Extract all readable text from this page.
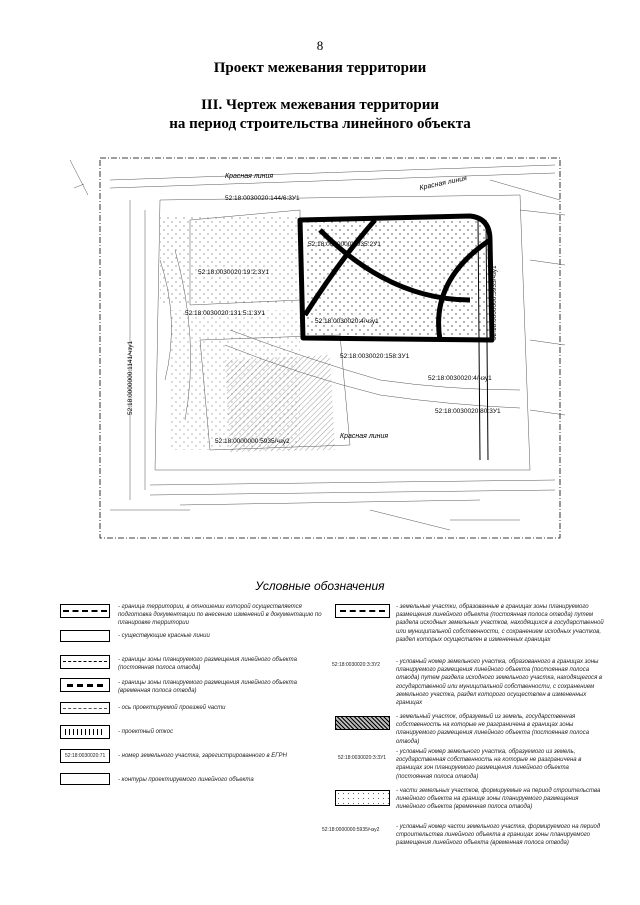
8
Проект межевания территории
III. Чертеж межевания территории
на период строительства линейного объекта
Красная линия	Красная линия
Красная линия
52:18:0030020:144/6:3У1
52:18:0000000:5935:2У1
52:18:0030020:19:2:3У1
52:18:0030020:131:5:1:3У1
52:18:0030020:4/чзу1
52:18:0030020:158:3У1
52:18:0030020:4/чзу1
52:18:0030020:80:3У1
52:18:0000000:5935/чзу2
52:18:0000000:1141/чзу1
52:18:0000000:5935/чзу1
Условные обозначения
52:18:0030020:71
- граница территории, в отношении которой осуществляется подготовка документации по внесению изменений в документацию по планировке территории
- существующие красные линии
- границы зоны планируемого размещения линейного объекта (постоянная полоса отвода)
- границы зоны планируемого размещения линейного объекта (временная полоса отвода)
- ось проектируемой проезжей части
- проектный откос
- номер земельного участка, зарегистрированного в ЕГРН
- контуры проектируемого линейного объекта
52:18:0030020:З:ЗУ2
52:18:0030020:З:ЗУ1
52:18:0000000:5935/чзу2
- земельные участки, образованные в границах зоны планируемого размещения линейного объекта (постоянная полоса отвода) путем раздела исходных земельных участков, находящихся в государственной или муниципальной собственности, с сохранением исходных участков, раздел которых осуществлен в измененных границах
- условный номер земельного участка, образованного в границах зоны планируемого размещения линейного объекта (постоянная полоса отвода) путем раздела исходного земельного участка, находящегося в государственной или муниципальной собственности, с сохранением земельного участка, раздел которого осуществлен в измененных границах
- земельный участок, образуемый из земель, государственная собственность на которые не разграничена в границах зоны планируемого размещения линейного объекта (постоянная полоса отвода)
- условный номер земельного участка, образуемого из земель, государственная собственность на которые не разграничена в границах зон планируемого размещения линейного объекта (постоянная полоса отвода)
- части земельных участков, формируемые на период строительства линейного объекта на границе зоны планируемого размещения линейного объекта (временная полоса отвода)
- условный номер части земельного участка, формируемого на период строительства линейного объекта в границах зоны планируемого размещения линейного объекта (временная полоса отвода)
